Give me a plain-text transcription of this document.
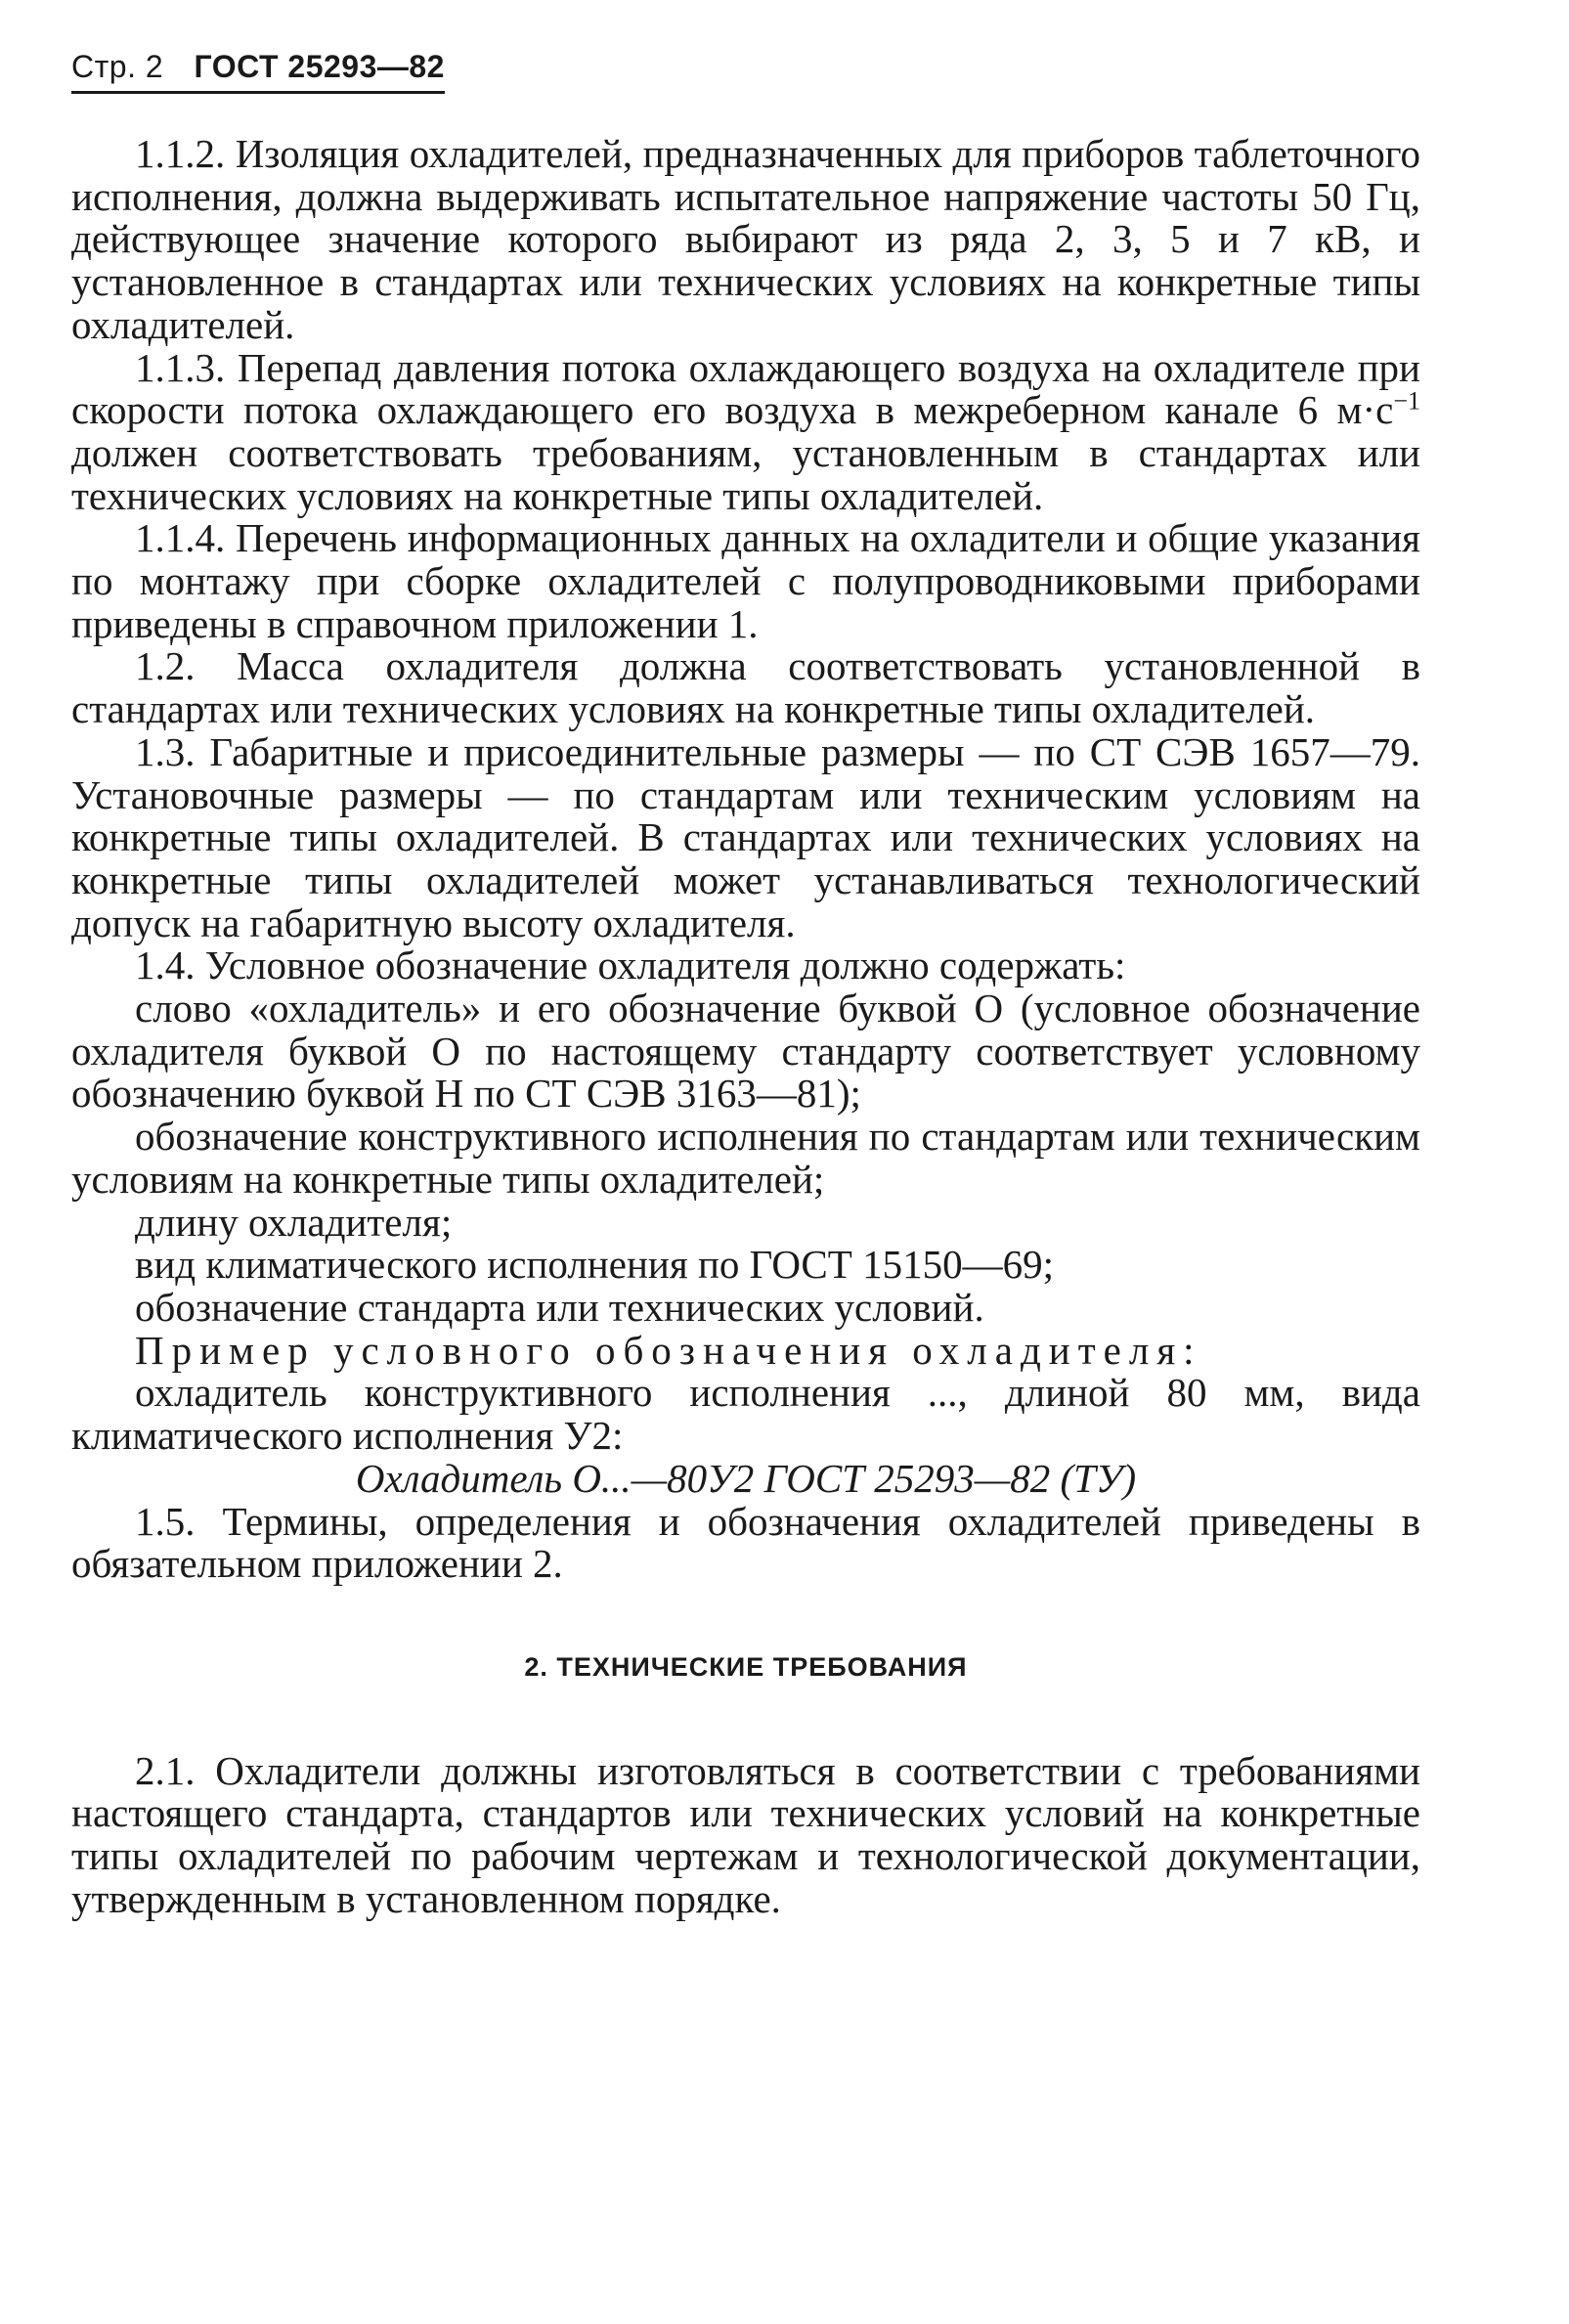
Стр. 2 ГОСТ 25293—82

1.1.2. Изоляция охладителей, предназначенных для приборов таблеточного исполнения, должна выдерживать испытательное напряжение частоты 50 Гц, действующее значение которого выбирают из ряда 2, 3, 5 и 7 кВ, и установленное в стандартах или технических условиях на конкретные типы охладителей.

1.1.3. Перепад давления потока охлаждающего воздуха на охладителе при скорости потока охлаждающего его воздуха в межреберном канале 6 $м\cdot с^{-1}$ должен соответствовать требованиям, установленным в стандартах или технических условиях на конкретные типы охладителей.

1.1.4. Перечень информационных данных на охладители и общие указания по монтажу при сборке охладителей с полупроводниковыми приборами приведены в справочном приложении 1.

1.2. Масса охладителя должна соответствовать установленной в стандартах или технических условиях на конкретные типы охладителей.

1.3. Габаритные и присоединительные размеры — по СТ СЭВ 1657—79. Установочные размеры — по стандартам или техническим условиям на конкретные типы охладителей. В стандартах или технических условиях на конкретные типы охладителей может устанавливаться технологический допуск на габаритную высоту охладителя.

1.4. Условное обозначение охладителя должно содержать:

слово «охладитель» и его обозначение буквой О (условное обозначение охладителя буквой О по настоящему стандарту соответствует условному обозначению буквой Н по СТ СЭВ 3163—81);

обозначение конструктивного исполнения по стандартам или техническим условиям на конкретные типы охладителей;

длину охладителя;

вид климатического исполнения по ГОСТ 15150—69;

обозначение стандарта или технических условий.

Пример условного обозначения охладителя:

охладитель конструктивного исполнения ..., длиной 80 мм, вида климатического исполнения У2:

Охладитель О...—80У2 ГОСТ 25293—82 (ТУ)

1.5. Термины, определения и обозначения охладителей приведены в обязательном приложении 2.

2. ТЕХНИЧЕСКИЕ ТРЕБОВАНИЯ

2.1. Охладители должны изготовляться в соответствии с требованиями настоящего стандарта, стандартов или технических условий на конкретные типы охладителей по рабочим чертежам и технологической документации, утвержденным в установленном порядке.
